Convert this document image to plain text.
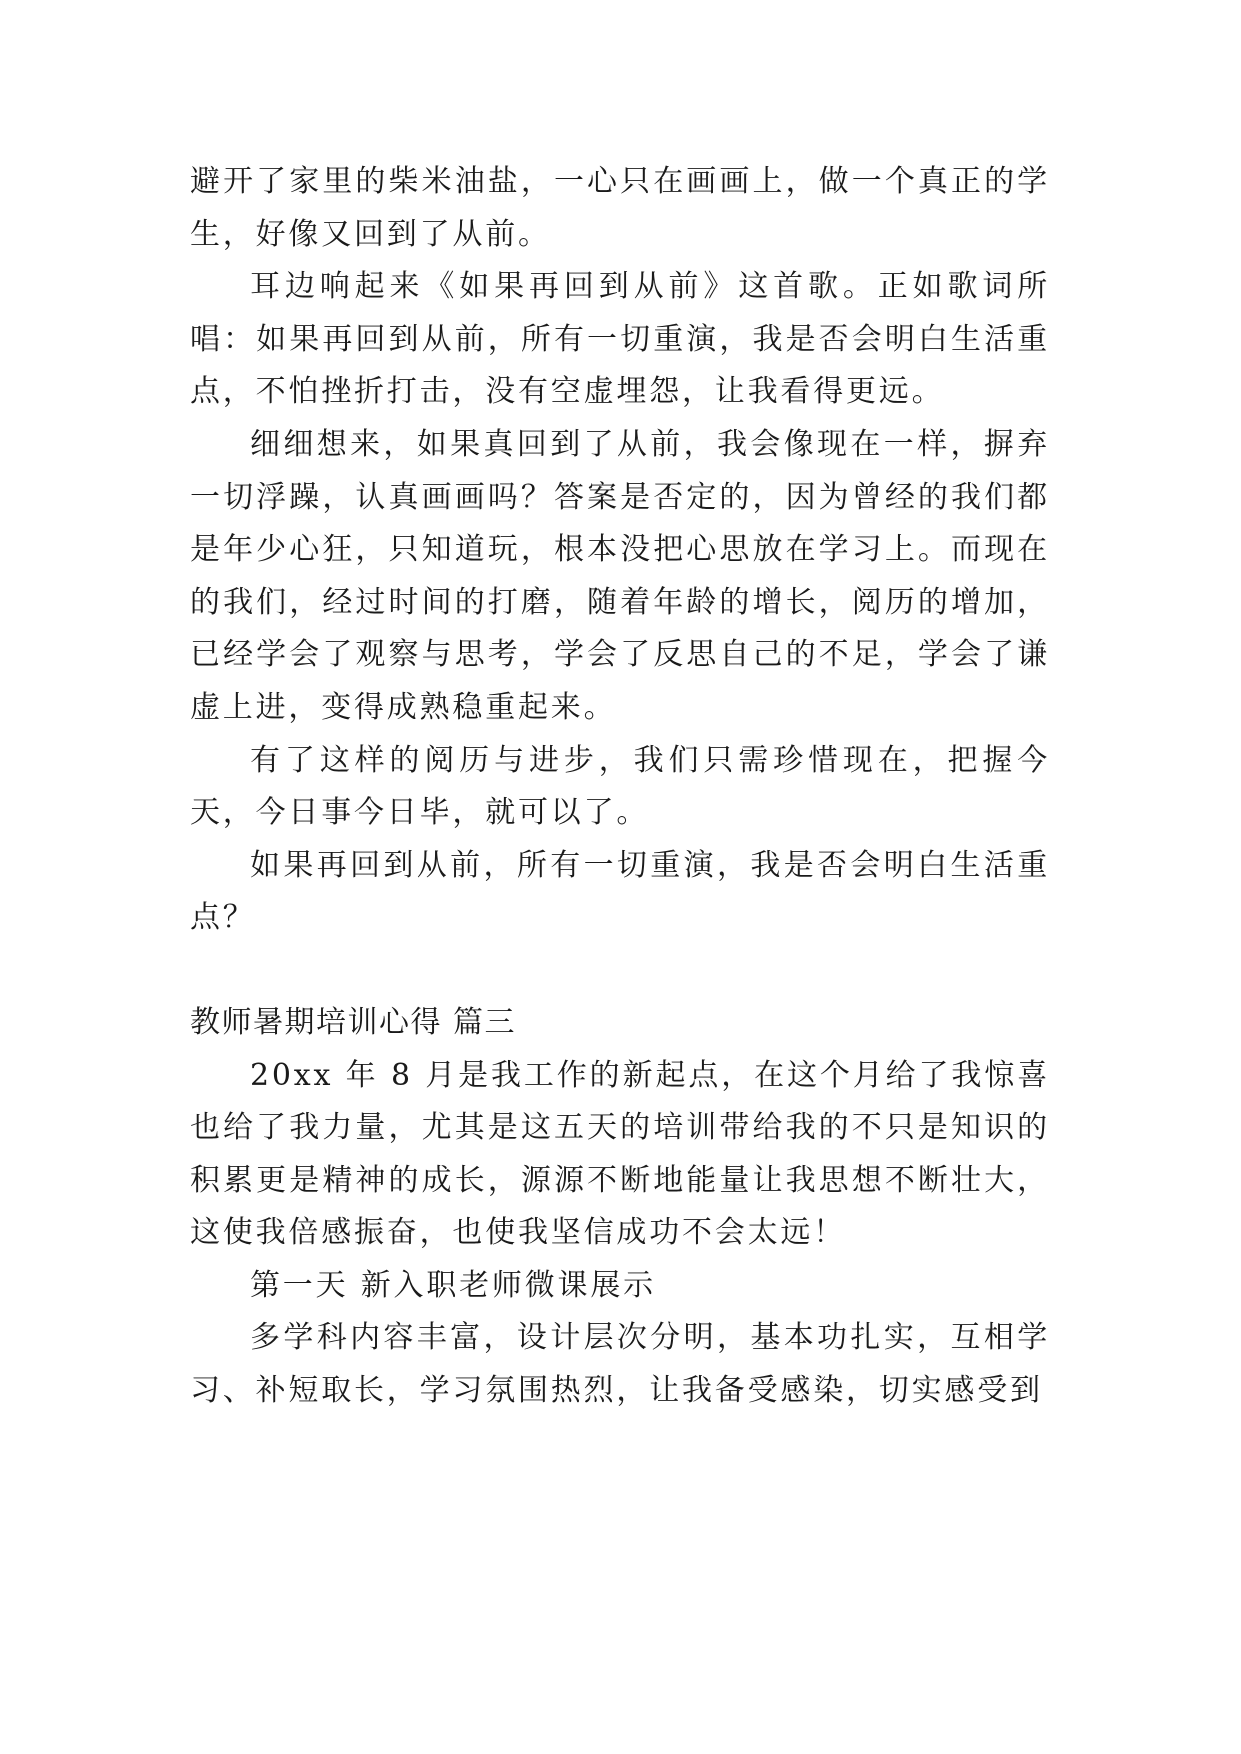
避开了家里的柴米油盐，一心只在画画上，做一个真正的学生，好像又回到了从前。

耳边响起来《如果再回到从前》这首歌。正如歌词所唱：如果再回到从前，所有一切重演，我是否会明白生活重点，不怕挫折打击，没有空虚埋怨，让我看得更远。

细细想来，如果真回到了从前，我会像现在一样，摒弃一切浮躁，认真画画吗？答案是否定的，因为曾经的我们都是年少心狂，只知道玩，根本没把心思放在学习上。而现在的我们，经过时间的打磨，随着年龄的增长，阅历的增加，已经学会了观察与思考，学会了反思自己的不足，学会了谦虚上进，变得成熟稳重起来。

有了这样的阅历与进步，我们只需珍惜现在，把握今天，今日事今日毕，就可以了。

如果再回到从前，所有一切重演，我是否会明白生活重点？

教师暑期培训心得 篇三

20xx 年 8 月是我工作的新起点，在这个月给了我惊喜也给了我力量，尤其是这五天的培训带给我的不只是知识的积累更是精神的成长，源源不断地能量让我思想不断壮大，这使我倍感振奋，也使我坚信成功不会太远！

第一天 新入职老师微课展示

多学科内容丰富，设计层次分明，基本功扎实，互相学习、补短取长，学习氛围热烈，让我备受感染，切实感受到
